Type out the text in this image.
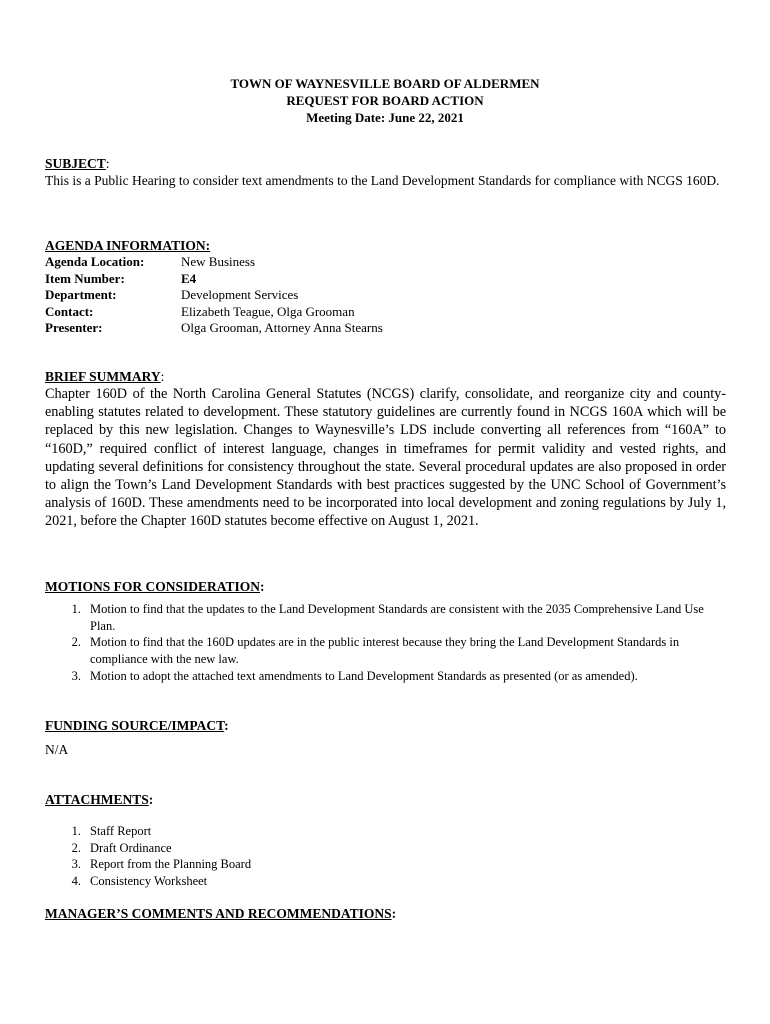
TOWN OF WAYNESVILLE BOARD OF ALDERMEN
REQUEST FOR BOARD ACTION
Meeting Date: June 22, 2021
SUBJECT:
This is a Public Hearing to consider text amendments to the Land Development Standards for compliance with NCGS 160D.
AGENDA INFORMATION:
Agenda Location:	New Business
Item Number:	E4
Department:	Development Services
Contact:	Elizabeth Teague, Olga Grooman
Presenter:	Olga Grooman, Attorney Anna Stearns
BRIEF SUMMARY:
Chapter 160D of the North Carolina General Statutes (NCGS) clarify, consolidate, and reorganize city and county-enabling statutes related to development. These statutory guidelines are currently found in NCGS 160A which will be replaced by this new legislation. Changes to Waynesville’s LDS include converting all references from “160A” to “160D,” required conflict of interest language, changes in timeframes for permit validity and vested rights, and updating several definitions for consistency throughout the state. Several procedural updates are also proposed in order to align the Town’s Land Development Standards with best practices suggested by the UNC School of Government’s analysis of 160D. These amendments need to be incorporated into local development and zoning regulations by July 1, 2021, before the Chapter 160D statutes become effective on August 1, 2021.
MOTIONS FOR CONSIDERATION:
1. Motion to find that the updates to the Land Development Standards are consistent with the 2035 Comprehensive Land Use Plan.
2. Motion to find that the 160D updates are in the public interest because they bring the Land Development Standards in compliance with the new law.
3. Motion to adopt the attached text amendments to Land Development Standards as presented (or as amended).
FUNDING SOURCE/IMPACT:
N/A
ATTACHMENTS:
1. Staff Report
2. Draft Ordinance
3. Report from the Planning Board
4. Consistency Worksheet
MANAGER’S COMMENTS AND RECOMMENDATIONS:
